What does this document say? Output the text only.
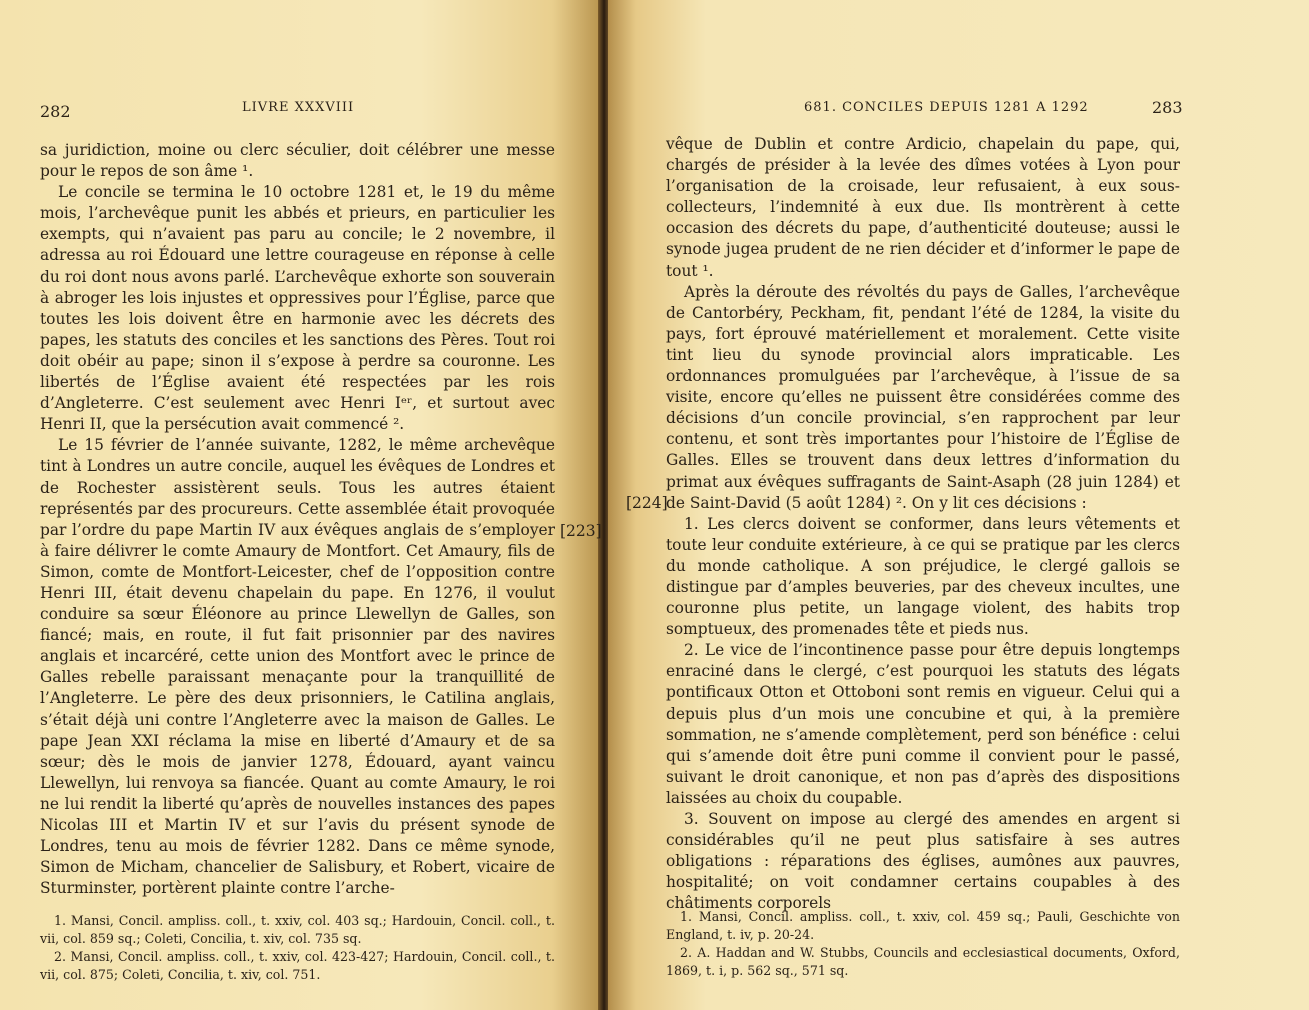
282	LIVRE XXXVIII

sa juridiction, moine ou clerc séculier, doit célébrer une messe pour le repos de son âme ¹.

Le concile se termina le 10 octobre 1281 et, le 19 du même mois, l’archevêque punit les abbés et prieurs, en particulier les exempts, qui n’avaient pas paru au concile; le 2 novembre, il adressa au roi Édouard une lettre courageuse en réponse à celle du roi dont nous avons parlé. L’archevêque exhorte son souverain à abroger les lois injustes et oppressives pour l’Église, parce que toutes les lois doivent être en harmonie avec les décrets des papes, les statuts des conciles et les sanctions des Pères. Tout roi doit obéir au pape; sinon il s’expose à perdre sa couronne. Les libertés de l’Église avaient été respectées par les rois d’Angleterre. C’est seulement avec Henri Iᵉʳ, et surtout avec Henri II, que la persécution avait commencé ².

Le 15 février de l’année suivante, 1282, le même archevêque tint à Londres un autre concile, auquel les évêques de Londres et de Rochester assistèrent seuls. Tous les autres étaient représentés par des procureurs. Cette assemblée était provoquée par l’ordre du pape Martin IV aux évêques anglais de s’employer à faire délivrer le comte Amaury de Montfort. Cet Amaury, fils de Simon, comte de Montfort-Leicester, chef de l’opposition contre Henri III, était devenu chapelain du pape. En 1276, il voulut conduire sa sœur Éléonore au prince Llewellyn de Galles, son fiancé; mais, en route, il fut fait prisonnier par des navires anglais et incarcéré, cette union des Montfort avec le prince de Galles rebelle paraissant menaçante pour la tranquillité de l’Angleterre. Le père des deux prisonniers, le Catilina anglais, s’était déjà uni contre l’Angleterre avec la maison de Galles. Le pape Jean XXI réclama la mise en liberté d’Amaury et de sa sœur; dès le mois de janvier 1278, Édouard, ayant vaincu Llewellyn, lui renvoya sa fiancée. Quant au comte Amaury, le roi ne lui rendit la liberté qu’après de nouvelles instances des papes Nicolas III et Martin IV et sur l’avis du présent synode de Londres, tenu au mois de février 1282. Dans ce même synode, Simon de Micham, chancelier de Salisbury, et Robert, vicaire de Sturminster, portèrent plainte contre l’arche-

1. Mansi, Concil. ampliss. coll., t. xxiv, col. 403 sq.; Hardouin, Concil. coll., t. vii, col. 859 sq.; Coleti, Concilia, t. xiv, col. 735 sq.

2. Mansi, Concil. ampliss. coll., t. xxiv, col. 423-427; Hardouin, Concil. coll., t. vii, col. 875; Coleti, Concilia, t. xiv, col. 751.

[223]
681. CONCILES DEPUIS 1281 A 1292	283
[224]

vêque de Dublin et contre Ardicio, chapelain du pape, qui, chargés de présider à la levée des dîmes votées à Lyon pour l’organisation de la croisade, leur refusaient, à eux sous-collecteurs, l’indemnité à eux due. Ils montrèrent à cette occasion des décrets du pape, d’authenticité douteuse; aussi le synode jugea prudent de ne rien décider et d’informer le pape de tout ¹.

Après la déroute des révoltés du pays de Galles, l’archevêque de Cantorbéry, Peckham, fit, pendant l’été de 1284, la visite du pays, fort éprouvé matériellement et moralement. Cette visite tint lieu du synode provincial alors impraticable. Les ordonnances promulguées par l’archevêque, à l’issue de sa visite, encore qu’elles ne puissent être considérées comme des décisions d’un concile provincial, s’en rapprochent par leur contenu, et sont très importantes pour l’histoire de l’Église de Galles. Elles se trouvent dans deux lettres d’information du primat aux évêques suffragants de Saint-Asaph (28 juin 1284) et de Saint-David (5 août 1284) ². On y lit ces décisions :

1. Les clercs doivent se conformer, dans leurs vêtements et toute leur conduite extérieure, à ce qui se pratique par les clercs du monde catholique. A son préjudice, le clergé gallois se distingue par d’amples beuveries, par des cheveux incultes, une couronne plus petite, un langage violent, des habits trop somptueux, des promenades tête et pieds nus.

2. Le vice de l’incontinence passe pour être depuis longtemps enraciné dans le clergé, c’est pourquoi les statuts des légats pontificaux Otton et Ottoboni sont remis en vigueur. Celui qui a depuis plus d’un mois une concubine et qui, à la première sommation, ne s’amende complètement, perd son bénéfice : celui qui s’amende doit être puni comme il convient pour le passé, suivant le droit canonique, et non pas d’après des dispositions laissées au choix du coupable.

3. Souvent on impose au clergé des amendes en argent si considérables qu’il ne peut plus satisfaire à ses autres obligations : réparations des églises, aumônes aux pauvres, hospitalité; on voit condamner certains coupables à des châtiments corporels

1. Mansi, Concil. ampliss. coll., t. xxiv, col. 459 sq.; Pauli, Geschichte von England, t. iv, p. 20-24.

2. A. Haddan and W. Stubbs, Councils and ecclesiastical documents, Oxford, 1869, t. i, p. 562 sq., 571 sq.
